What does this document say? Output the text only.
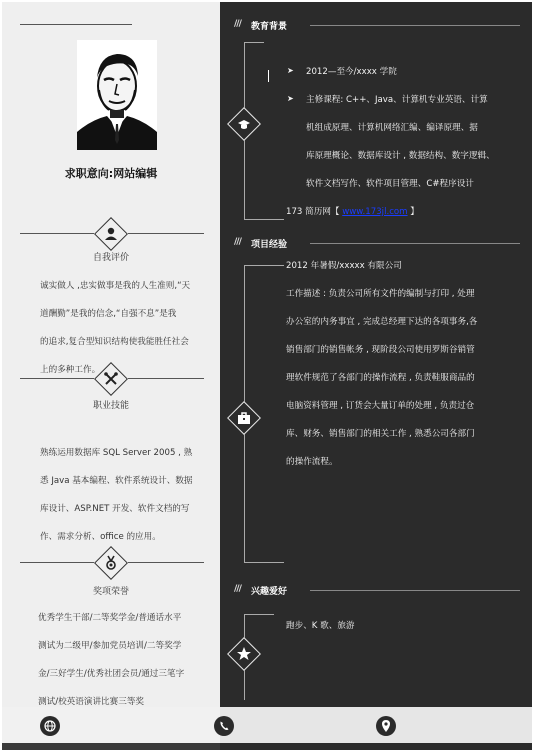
求职意向:网站编辑
自我评价
诚实做人 ,忠实做事是我的人生准则,“天
道酬勤”是我的信念,“自强不息”是我
的追求,复合型知识结构使我能胜任社会
上的多种工作。
职业技能
熟练运用数据库 SQL Server 2005 , 熟
悉 Java 基本编程、软件系统设计、数据
库设计、ASP.NET 开发、软件文档的写
作、需求分析、office 的应用。
奖项荣誉
优秀学生干部/二等奖学金/普通话水平
测试为二级甲/参加党员培训/二等奖学
金/三好学生/优秀社团会员/通过三笔字
测试/校英语演讲比赛三等奖
/// 教育背景
➤ 2012—至今/xxxx 学院
➤ 主修课程: C++、Java、计算机专业英语、计算
机组成原理、计算机网络汇编、编译原理、据
库原理概论、数据库设计 , 数据结构、数字逻辑、
软件文档写作、软件项目管理、C#程序设计
173 简历网【 www.173jl.com 】
/// 项目经验
2012 年暑假/xxxxx 有限公司
工作描述 : 负责公司所有文件的编制与打印 , 处理
办公室的内务事宜 , 完成总经理下达的各项事务,各
销售部门的销售帐务 , 现阶段公司使用罗斯谷销管
理软件规范了各部门的操作流程 , 负责鞋服商品的
电脑资料管理 , 订货会大量订单的处理 , 负责过仓
库、财务、销售部门的相关工作 , 熟悉公司各部门
的操作流程。
/// 兴趣爱好
跑步、K 歌、旅游
